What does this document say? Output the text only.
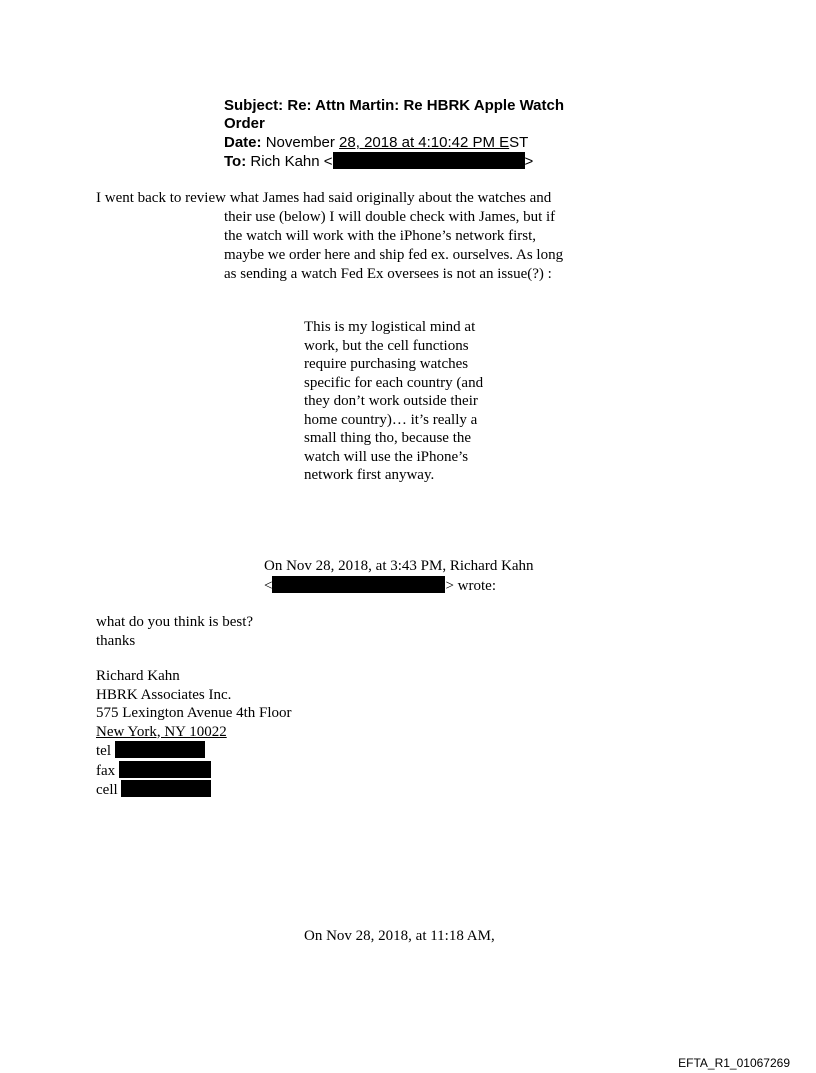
Subject: Re: Attn Martin: Re HBRK Apple Watch
Order
Date: November 28, 2018 at 4:10:42 PM EST
To: Rich Kahn <	>
I went back to review what James had said originally about the watches and

their use (below) I will double check with James, but if

the watch will work with the iPhone’s network first,

maybe we order here and ship fed ex. ourselves. As long

as sending a watch Fed Ex oversees is not an issue(?) :

This is my logistical mind at

work, but the cell functions

require purchasing watches

specific for each country (and

they don’t work outside their

home country)… it’s really a

small thing tho, because the

watch will use the iPhone’s

network first anyway.

On Nov 28, 2018, at 3:43 PM, Richard Kahn

<	> wrote:

what do you think is best?

thanks

Richard Kahn

HBRK Associates Inc.

575 Lexington Avenue 4th Floor

New York, NY 10022

tel

fax

cell

On Nov 28, 2018, at 11:18 AM,
EFTA_R1_01067269
